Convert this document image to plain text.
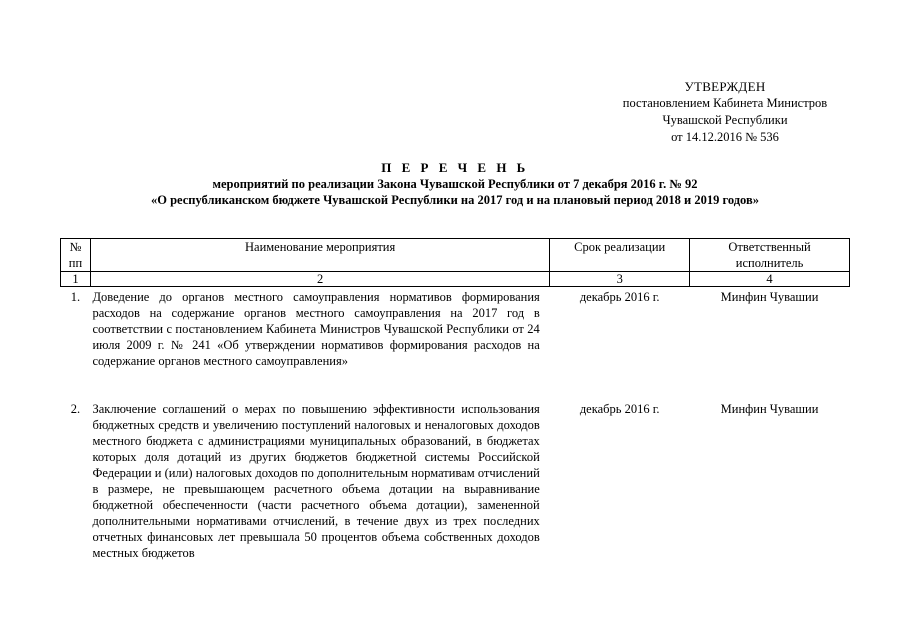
УТВЕРЖДЕН
постановлением Кабинета Министров
Чувашской Республики
от 14.12.2016 № 536
П Е Р Е Ч Е Н Ь
мероприятий по реализации Закона Чувашской Республики от 7 декабря 2016 г. № 92
«О республиканском бюджете Чувашской Республики на 2017 год и на плановый период 2018 и 2019 годов»
№ пп	Наименование мероприятия	Срок реализации	Ответственный исполнитель
1	2	3	4
1.	Доведение до органов местного самоуправления нормативов формирования расходов на содержание органов местного самоуправления на 2017 год в соответствии с постановлением Кабинета Министров Чувашской Республики от 24 июля 2009 г. № 241 «Об утверждении нормативов формирования расходов на содержание органов местного самоуправления»	декабрь 2016 г.	Минфин Чувашии
2.	Заключение соглашений о мерах по повышению эффективности использования бюджетных средств и увеличению поступлений налоговых и неналоговых доходов местного бюджета с администрациями муниципальных образований, в бюджетах которых доля дотаций из других бюджетов бюджетной системы Российской Федерации и (или) налоговых доходов по дополнительным нормативам отчислений в размере, не превышающем расчетного объема дотации на выравнивание бюджетной обеспеченности (части расчетного объема дотации), замененной дополнительными нормативами отчислений, в течение двух из трех последних отчетных финансовых лет превышала 50 процентов объема собственных доходов местных бюджетов	декабрь 2016 г.	Минфин Чувашии
